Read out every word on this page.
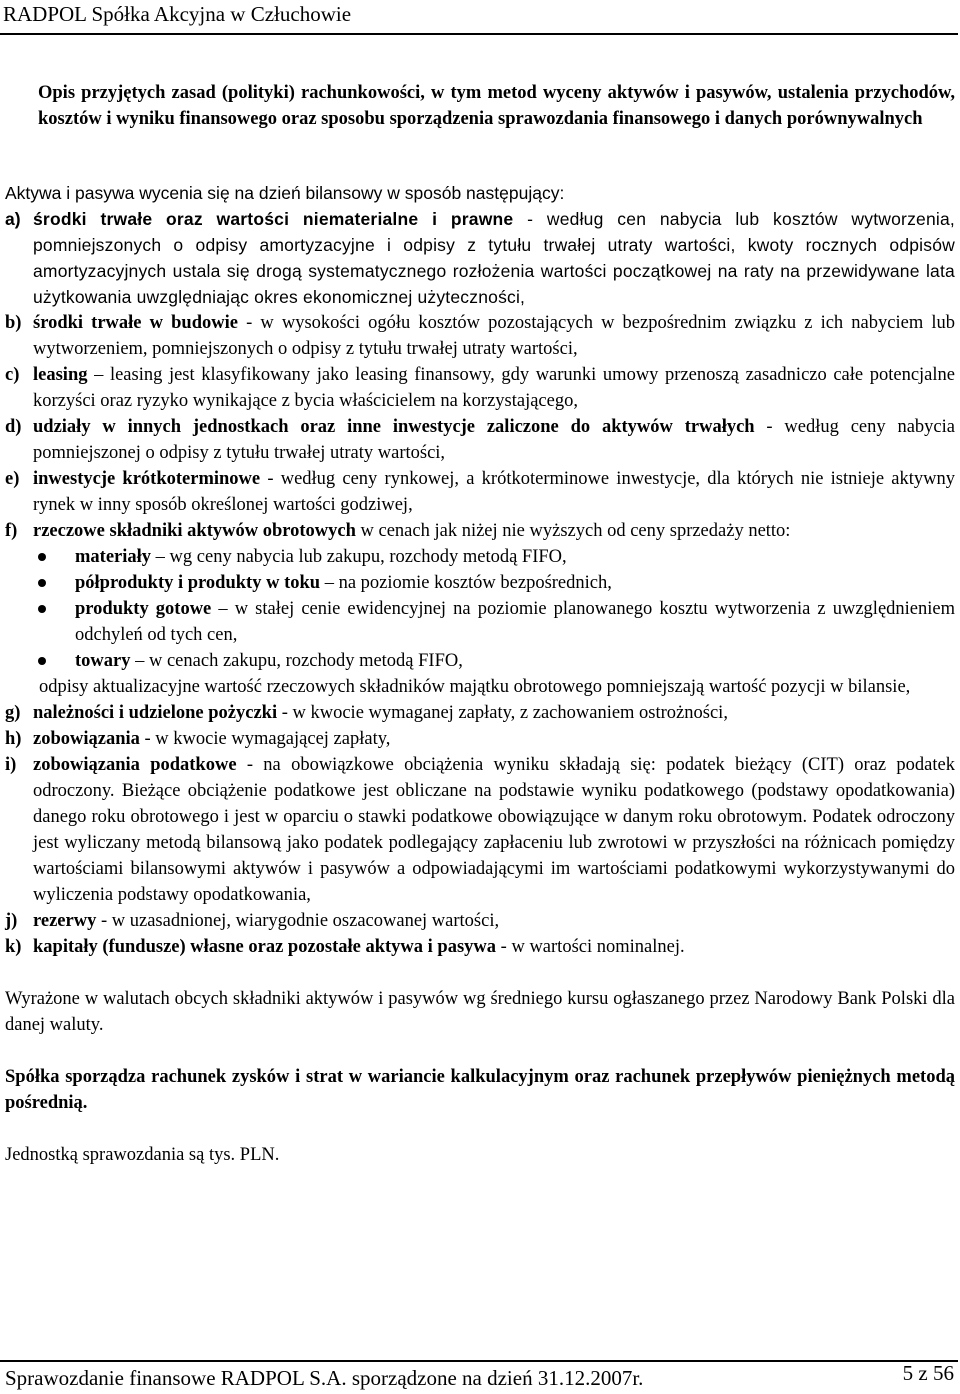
RADPOL Spółka Akcyjna w Człuchowie
Opis przyjętych zasad (polityki) rachunkowości, w tym metod wyceny aktywów i pasywów, ustalenia przychodów, kosztów i wyniku finansowego oraz sposobu sporządzenia sprawozdania finansowego i danych porównywalnych
Aktywa i pasywa wycenia się na dzień bilansowy w sposób następujący:
a) środki trwałe oraz wartości niematerialne i prawne - według cen nabycia lub kosztów wytworzenia, pomniejszonych o odpisy amortyzacyjne i odpisy z tytułu trwałej utraty wartości, kwoty rocznych odpisów amortyzacyjnych ustala się drogą systematycznego rozłożenia wartości początkowej na raty na przewidywane lata użytkowania uwzględniając okres ekonomicznej użyteczności,
b) środki trwałe w budowie - w wysokości ogółu kosztów pozostających w bezpośrednim związku z ich nabyciem lub wytworzeniem, pomniejszonych o odpisy z tytułu trwałej utraty wartości,
c) leasing – leasing jest klasyfikowany jako leasing finansowy, gdy warunki umowy przenoszą zasadniczo całe potencjalne korzyści oraz ryzyko wynikające z bycia właścicielem na korzystającego,
d) udziały w innych jednostkach oraz inne inwestycje zaliczone do aktywów trwałych - według ceny nabycia pomniejszonej o odpisy z tytułu trwałej utraty wartości,
e) inwestycje krótkoterminowe - według ceny rynkowej, a krótkoterminowe inwestycje, dla których nie istnieje aktywny rynek w inny sposób określonej wartości godziwej,
f) rzeczowe składniki aktywów obrotowych w cenach jak niżej nie wyższych od ceny sprzedaży netto:
materiały – wg ceny nabycia lub zakupu, rozchody metodą FIFO,
półprodukty i produkty w toku – na poziomie kosztów bezpośrednich,
produkty gotowe – w stałej cenie ewidencyjnej na poziomie planowanego kosztu wytworzenia z uwzględnieniem odchyleń od tych cen,
towary – w cenach zakupu, rozchody metodą FIFO,
odpisy aktualizacyjne wartość rzeczowych składników majątku obrotowego pomniejszają wartość pozycji w bilansie,
g) należności i udzielone pożyczki - w kwocie wymaganej zapłaty, z zachowaniem ostrożności,
h) zobowiązania - w kwocie wymagającej zapłaty,
i) zobowiązania podatkowe - na obowiązkowe obciążenia wyniku składają się: podatek bieżący (CIT) oraz podatek odroczony. Bieżące obciążenie podatkowe jest obliczane na podstawie wyniku podatkowego (podstawy opodatkowania) danego roku obrotowego i jest w oparciu o stawki podatkowe obowiązujące w danym roku obrotowym. Podatek odroczony jest wyliczany metodą bilansową jako podatek podlegający zapłaceniu lub zwrotowi w przyszłości na różnicach pomiędzy wartościami bilansowymi aktywów i pasywów a odpowiadającymi im wartościami podatkowymi wykorzystywanymi do wyliczenia podstawy opodatkowania,
j) rezerwy - w uzasadnionej, wiarygodnie oszacowanej wartości,
k) kapitały (fundusze) własne oraz pozostałe aktywa i pasywa - w wartości nominalnej.
Wyrażone w walutach obcych składniki aktywów i pasywów wg średniego kursu ogłaszanego przez Narodowy Bank Polski dla danej waluty.
Spółka sporządza rachunek zysków i strat w wariancie kalkulacyjnym oraz rachunek przepływów pieniężnych metodą pośrednią.
Jednostką sprawozdania są tys. PLN.
Sprawozdanie finansowe RADPOL S.A. sporządzone na dzień 31.12.2007r.	5 z 56
